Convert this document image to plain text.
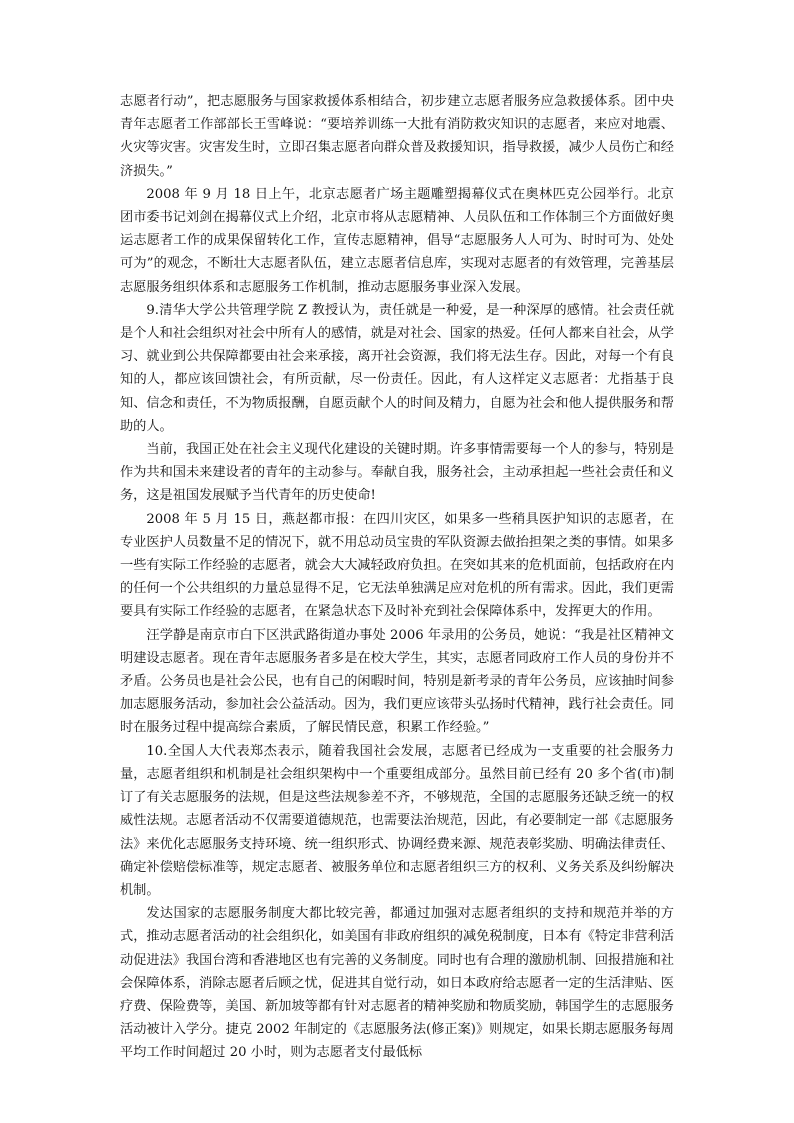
志愿者行动”，把志愿服务与国家救援体系相结合，初步建立志愿者服务应急救援体系。团中央青年志愿者工作部部长王雪峰说：“要培养训练一大批有消防救灾知识的志愿者，来应对地震、火灾等灾害。灾害发生时，立即召集志愿者向群众普及救援知识，指导救援，减少人员伤亡和经济损失。”

2008 年 9 月 18 日上午，北京志愿者广场主题雕塑揭幕仪式在奥林匹克公园举行。北京团市委书记刘剑在揭幕仪式上介绍，北京市将从志愿精神、人员队伍和工作体制三个方面做好奥运志愿者工作的成果保留转化工作，宣传志愿精神，倡导“志愿服务人人可为、时时可为、处处可为”的观念，不断壮大志愿者队伍，建立志愿者信息库，实现对志愿者的有效管理，完善基层志愿服务组织体系和志愿服务工作机制，推动志愿服务事业深入发展。

9.清华大学公共管理学院 Z 教授认为，责任就是一种爱，是一种深厚的感情。社会责任就是个人和社会组织对社会中所有人的感情，就是对社会、国家的热爱。任何人都来自社会，从学习、就业到公共保障都要由社会来承接，离开社会资源，我们将无法生存。因此，对每一个有良知的人，都应该回馈社会，有所贡献，尽一份责任。因此，有人这样定义志愿者：尤指基于良知、信念和责任，不为物质报酬，自愿贡献个人的时间及精力，自愿为社会和他人提供服务和帮助的人。

当前，我国正处在社会主义现代化建设的关键时期。许多事情需要每一个人的参与，特别是作为共和国未来建设者的青年的主动参与。奉献自我，服务社会，主动承担起一些社会责任和义务，这是祖国发展赋予当代青年的历史使命!

2008 年 5 月 15 日，燕赵都市报：在四川灾区，如果多一些稍具医护知识的志愿者，在专业医护人员数量不足的情况下，就不用总动员宝贵的军队资源去做抬担架之类的事情。如果多一些有实际工作经验的志愿者，就会大大减轻政府负担。在突如其来的危机面前，包括政府在内的任何一个公共组织的力量总显得不足，它无法单独满足应对危机的所有需求。因此，我们更需要具有实际工作经验的志愿者，在紧急状态下及时补充到社会保障体系中，发挥更大的作用。

汪学静是南京市白下区洪武路街道办事处 2006 年录用的公务员，她说：“我是社区精神文明建设志愿者。现在青年志愿服务者多是在校大学生，其实，志愿者同政府工作人员的身份并不矛盾。公务员也是社会公民，也有自己的闲暇时间，特别是新考录的青年公务员，应该抽时间参加志愿服务活动，参加社会公益活动。因为，我们更应该带头弘扬时代精神，践行社会责任。同时在服务过程中提高综合素质，了解民情民意，积累工作经验。”

10.全国人大代表郑杰表示，随着我国社会发展，志愿者已经成为一支重要的社会服务力量，志愿者组织和机制是社会组织架构中一个重要组成部分。虽然目前已经有 20 多个省(市)制订了有关志愿服务的法规，但是这些法规参差不齐，不够规范，全国的志愿服务还缺乏统一的权威性法规。志愿者活动不仅需要道德规范，也需要法治规范，因此，有必要制定一部《志愿服务法》来优化志愿服务支持环境、统一组织形式、协调经费来源、规范表彰奖励、明确法律责任、确定补偿赔偿标准等，规定志愿者、被服务单位和志愿者组织三方的权利、义务关系及纠纷解决机制。

发达国家的志愿服务制度大都比较完善，都通过加强对志愿者组织的支持和规范并举的方式，推动志愿者活动的社会组织化，如美国有非政府组织的减免税制度，日本有《特定非营利活动促进法》我国台湾和香港地区也有完善的义务制度。同时也有合理的激励机制、回报措施和社会保障体系，消除志愿者后顾之忧，促进其自觉行动，如日本政府给志愿者一定的生活津贴、医疗费、保险费等，美国、新加坡等都有针对志愿者的精神奖励和物质奖励，韩国学生的志愿服务活动被计入学分。捷克 2002 年制定的《志愿服务法(修正案)》则规定，如果长期志愿服务每周平均工作时间超过 20 小时，则为志愿者支付最低标
